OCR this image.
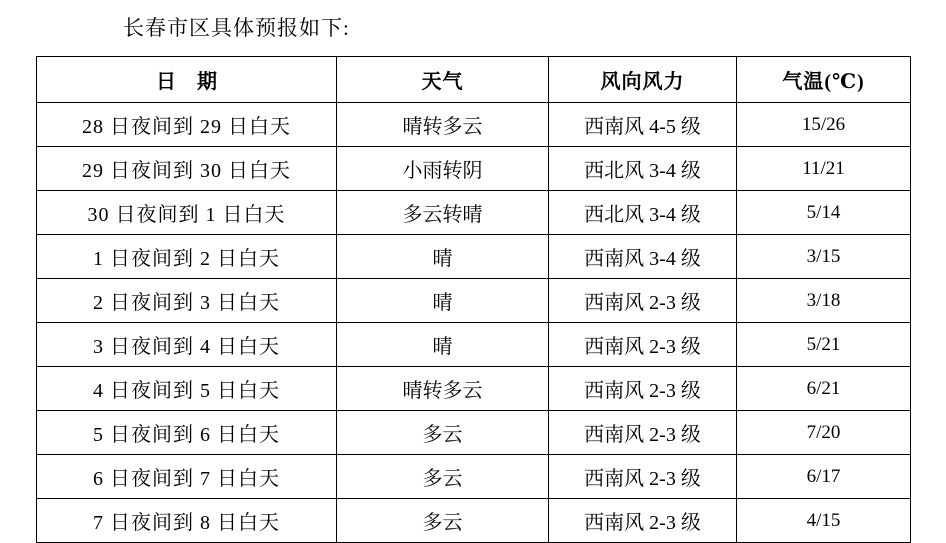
长春市区具体预报如下:
日 期	天气	风向风力	气温(℃)
28 日夜间到 29 日白天	晴转多云	西南风 4-5 级	15/26
29 日夜间到 30 日白天	小雨转阴	西北风 3-4 级	11/21
30 日夜间到 1 日白天	多云转晴	西北风 3-4 级	5/14
1 日夜间到 2 日白天	晴	西南风 3-4 级	3/15
2 日夜间到 3 日白天	晴	西南风 2-3 级	3/18
3 日夜间到 4 日白天	晴	西南风 2-3 级	5/21
4 日夜间到 5 日白天	晴转多云	西南风 2-3 级	6/21
5 日夜间到 6 日白天	多云	西南风 2-3 级	7/20
6 日夜间到 7 日白天	多云	西南风 2-3 级	6/17
7 日夜间到 8 日白天	多云	西南风 2-3 级	4/15
